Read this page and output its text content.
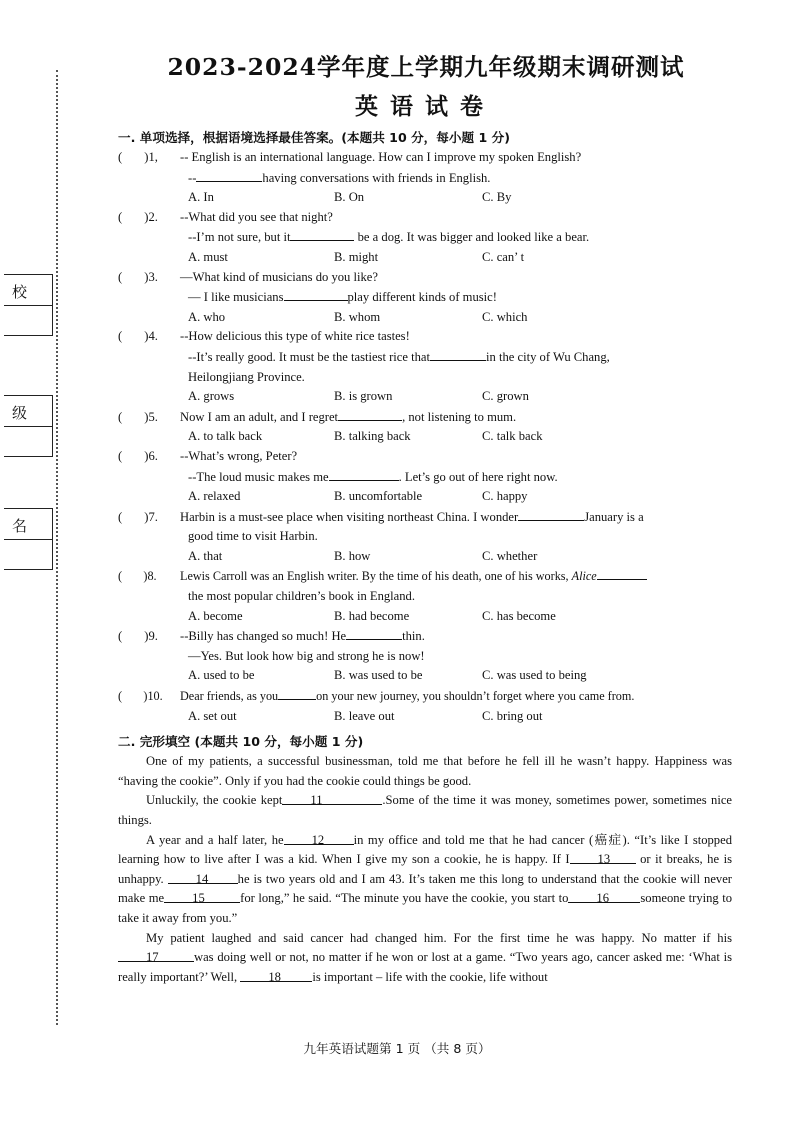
校
级
名
2023-2024学年度上学期九年级期末调研测试
英语试卷
一. 单项选择，根据语境选择最佳答案。(本题共 10 分，每小题 1 分)
(       )1, -- English is an international language. How can I improve my spoken English?
--	having conversations with friends in English.
A. In	B. On	C. By
(       )2. --What did you see that night?
--I’m not sure, but it	be a dog. It was bigger and looked like a bear.
A. must	B. might	C. can’ t
(       )3. —What kind of musicians do you like?
— I like musicians	play different kinds of music!
A. who	B. whom	C. which
(       )4. --How delicious this type of white rice tastes!
--It’s really good. It must be the tastiest rice that	in the city of Wu Chang,
Heilongjiang Province.
A. grows	B. is grown	C. grown
(       )5. Now I am an adult, and I regret	, not listening to mum.
A. to talk back	B. talking back	C. talk back
(       )6. --What’s wrong, Peter?
--The loud music makes me	. Let’s go out of here right now.
A. relaxed	B. uncomfortable	C. happy
(       )7. Harbin is a must-see place when visiting northeast China. I wonder	January is a
good time to visit Harbin.
A. that	B. how	C. whether
(       )8. Lewis Carroll was an English writer. By the time of his death, one of his works, Alice
the most popular children’s book in England.
A. become	B. had become	C. has become
(       )9. --Billy has changed so much! He	thin.
—Yes. But look how big and strong he is now!
A. used to be	B. was used to be	C. was used to being
(       )10. Dear friends, as you	on your new journey, you shouldn’t forget where you came from.
A. set out	B. leave out	C. bring out
二. 完形填空 (本题共 10 分，每小题 1 分)

One of my patients, a successful businessman, told me that before he fell ill he wasn’t happy. Happiness was “having the cookie”. Only if you had the cookie could things be good.

Unluckily, the cookie kept 11	.Some of the time it was money, sometimes power, sometimes nice things.

A year and a half later, he 12 in my office and told me that he had cancer (癌症). “It’s like I stopped learning how to live after I was a kid. When I give my son a cookie, he is happy. If I 13 or it breaks, he is unhappy.	14 he is two years old and I am 43. It’s taken me this long to understand that the cookie will never make me 15	for long,” he said. “The minute you have the cookie, you start to 16 someone trying to take it away from you.”

My patient laughed and said cancer had changed him. For the first time he was happy. No matter if his17	was doing well or not, no matter if he won or lost at a game. “Two years ago, cancer asked me: ‘What is really important?’ Well, 18 is important – life with the cookie, life without

九年英语试题第 1 页 （共 8 页）
